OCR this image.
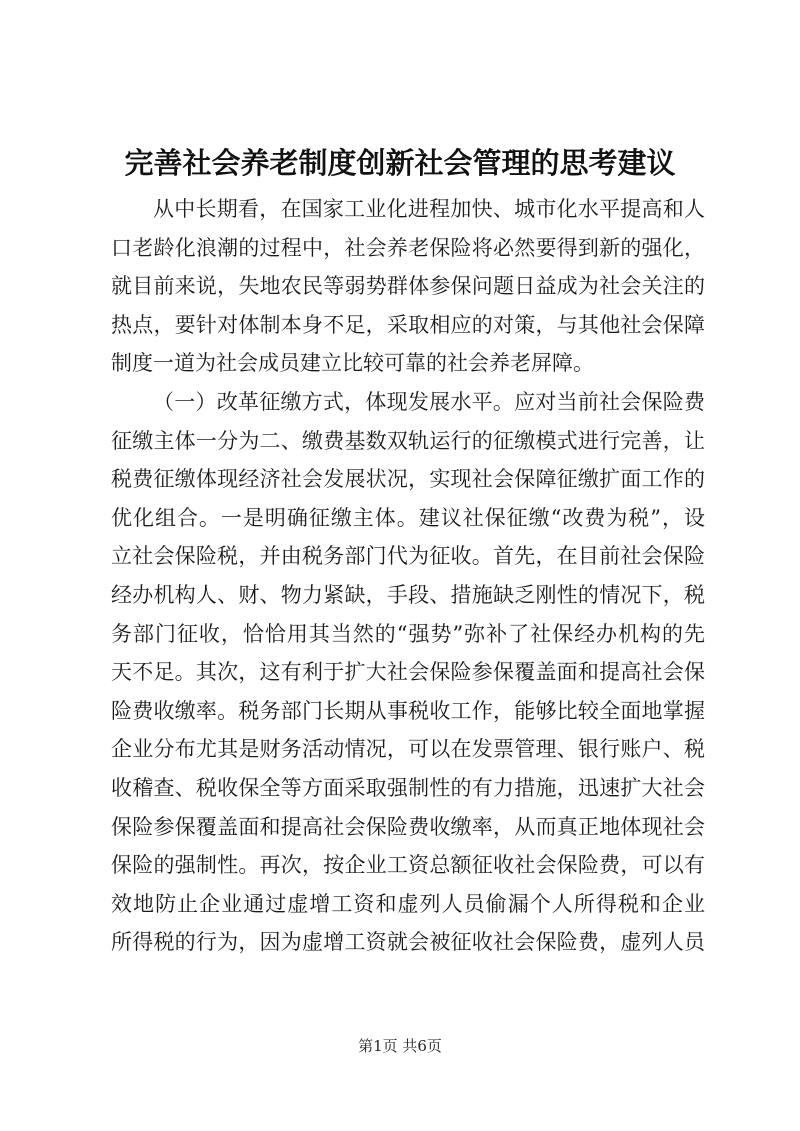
完善社会养老制度创新社会管理的思考建议
从中长期看，在国家工业化进程加快、城市化水平提高和人
口老龄化浪潮的过程中，社会养老保险将必然要得到新的强化，
就目前来说，失地农民等弱势群体参保问题日益成为社会关注的
热点，要针对体制本身不足，采取相应的对策，与其他社会保障
制度一道为社会成员建立比较可靠的社会养老屏障。
（一）改革征缴方式，体现发展水平。应对当前社会保险费
征缴主体一分为二、缴费基数双轨运行的征缴模式进行完善，让
税费征缴体现经济社会发展状况，实现社会保障征缴扩面工作的
优化组合。一是明确征缴主体。建议社保征缴“改费为税”，设
立社会保险税，并由税务部门代为征收。首先，在目前社会保险
经办机构人、财、物力紧缺，手段、措施缺乏刚性的情况下，税
务部门征收，恰恰用其当然的“强势”弥补了社保经办机构的先
天不足。其次，这有利于扩大社会保险参保覆盖面和提高社会保
险费收缴率。税务部门长期从事税收工作，能够比较全面地掌握
企业分布尤其是财务活动情况，可以在发票管理、银行账户、税
收稽查、税收保全等方面采取强制性的有力措施，迅速扩大社会
保险参保覆盖面和提高社会保险费收缴率，从而真正地体现社会
保险的强制性。再次，按企业工资总额征收社会保险费，可以有
效地防止企业通过虚增工资和虚列人员偷漏个人所得税和企业
所得税的行为，因为虚增工资就会被征收社会保险费，虚列人员
第1页 共6页
